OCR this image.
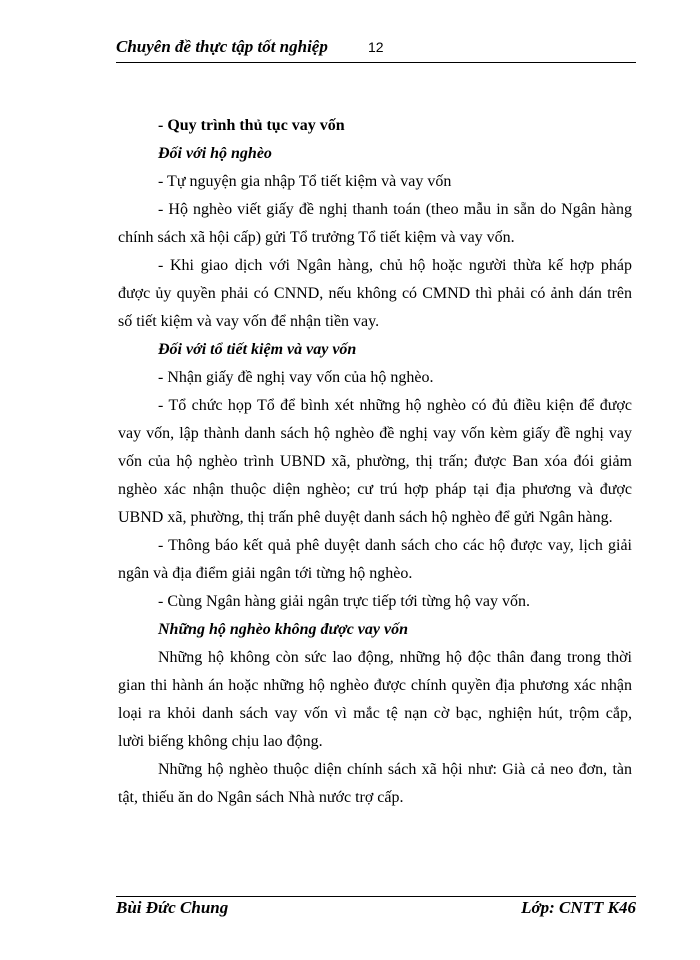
Chuyên đề thực tập tốt nghiệp	12
- Quy trình thủ tục vay vốn
Đối với hộ nghèo
- Tự nguyện gia nhập Tổ tiết kiệm và vay vốn
- Hộ nghèo viết giấy đề nghị thanh toán (theo mẫu in sẵn do Ngân hàng
chính sách xã hội cấp) gửi Tổ trưởng Tổ tiết kiệm và vay vốn.
- Khi giao dịch với Ngân hàng, chủ hộ hoặc người thừa kế hợp pháp
được ủy quyền phải có CNND, nếu không có CMND thì phải có ảnh dán trên
số tiết kiệm và vay vốn để nhận tiền vay.
Đối với tổ tiết kiệm và vay vốn
- Nhận giấy đề nghị vay vốn của hộ nghèo.
- Tổ chức họp Tổ để bình xét những hộ nghèo có đủ điều kiện để được
vay vốn, lập thành danh sách hộ nghèo đề nghị vay vốn kèm giấy đề nghị vay
vốn của hộ nghèo trình UBND xã, phường, thị trấn; được Ban xóa đói giảm
nghèo xác nhận thuộc diện nghèo; cư trú hợp pháp tại địa phương và được
UBND xã, phường, thị trấn phê duyệt danh sách hộ nghèo để gửi Ngân hàng.
- Thông báo kết quả phê duyệt danh sách cho các hộ được vay, lịch giải
ngân và địa điểm giải ngân tới từng hộ nghèo.
- Cùng Ngân hàng giải ngân trực tiếp tới từng hộ vay vốn.
Những hộ nghèo không được vay vốn
Những hộ không còn sức lao động, những hộ độc thân đang trong thời
gian thi hành án hoặc những hộ nghèo được chính quyền địa phương xác nhận
loại ra khỏi danh sách vay vốn vì mắc tệ nạn cờ bạc, nghiện hút, trộm cắp,
lười biếng không chịu lao động.
Những hộ nghèo thuộc diện chính sách xã hội như: Già cả neo đơn, tàn
tật, thiếu ăn do Ngân sách Nhà nước trợ cấp.
Bùi Đức Chung	Lớp: CNTT K46
